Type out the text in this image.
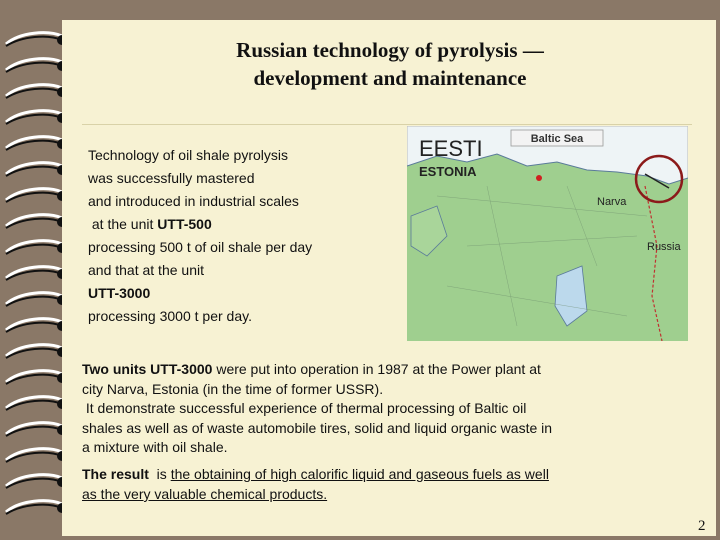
Russian technology of pyrolysis —
development and maintenance
Technology of oil shale pyrolysis
was successfully mastered
and introduced in industrial scales
at the unit UTT-500
processing 500 t of oil shale per day
and that at the unit
UTT-3000
processing 3000 t per day.
EESTI
ESTONIA
Baltic Sea
Narva
Russia
Two units UTT-3000 were put into operation in 1987 at the Power plant at
city Narva, Estonia (in the time of former USSR).
It demonstrate successful experience of thermal processing of Baltic oil
shales as well as of waste automobile tires, solid and liquid organic waste in
a mixture with oil shale.
The result  is the obtaining of high calorific liquid and gaseous fuels as well
as the very valuable chemical products.
2
